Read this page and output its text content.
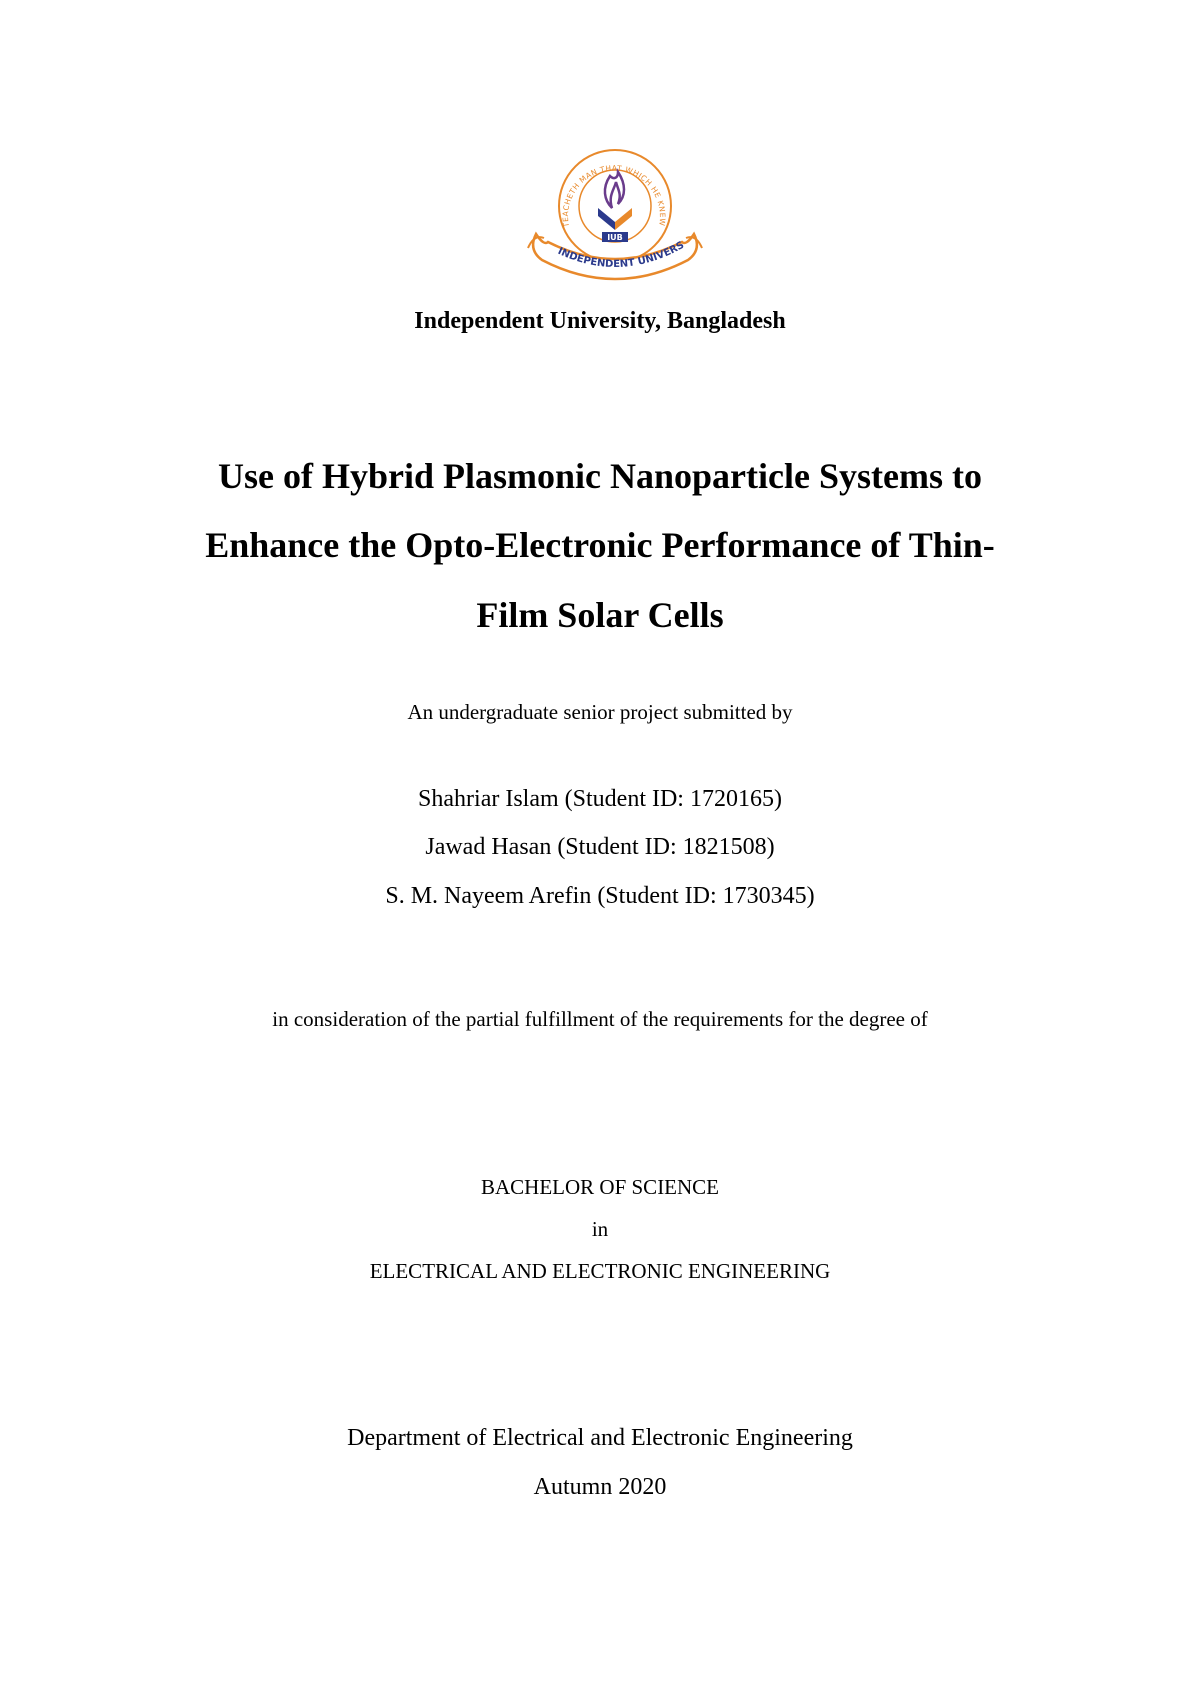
TEACHETH MAN THAT WHICH HE KNEW
IUB
INDEPENDENT UNIVERS
Independent University, Bangladesh
Use of Hybrid Plasmonic Nanoparticle Systems to
Enhance the Opto-Electronic Performance of Thin-
Film Solar Cells
An undergraduate senior project submitted by
Shahriar Islam (Student ID: 1720165)
Jawad Hasan (Student ID: 1821508)
S. M. Nayeem Arefin (Student ID: 1730345)
in consideration of the partial fulfillment of the requirements for the degree of
BACHELOR OF SCIENCE
in
ELECTRICAL AND ELECTRONIC ENGINEERING
Department of Electrical and Electronic Engineering
Autumn 2020
